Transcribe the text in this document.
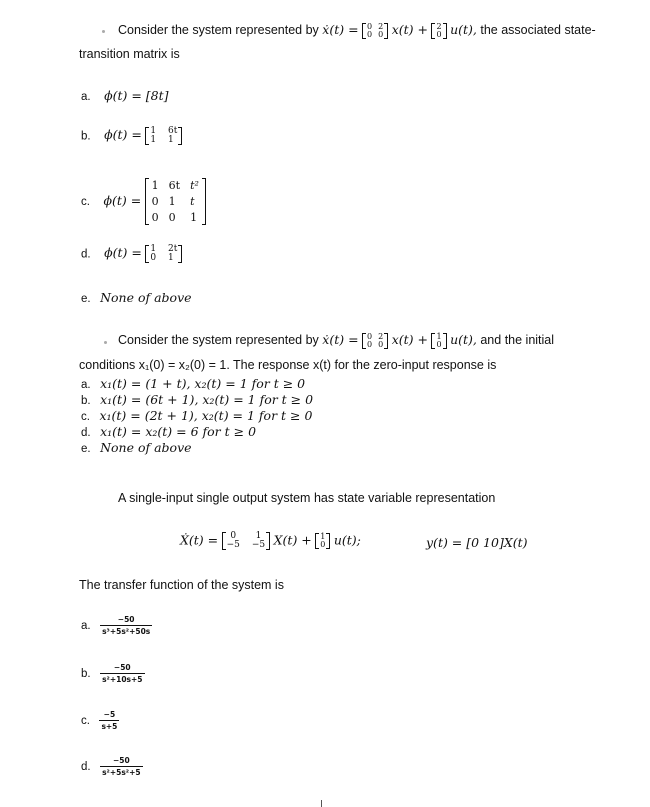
Consider the system represented by ẋ(t) = 0 2
0 0 x(t) + 2
0 u(t), the associated state-
transition matrix is
a. ϕ(t) = [8t]
b. ϕ(t) = 1 6t
1 1
c. ϕ(t) =
1 6t t²
0 1	t
0 0	1
d. ϕ(t) = 1 2t
0 1
e. None of above
Consider the system represented by ẋ(t) = 0 2
0 0 x(t) + 1
0 u(t), and the initial
conditions x₁(0) = x₂(0) = 1. The response x(t) for the zero-input response is
a. x₁(t) = (1 + t), x₂(t) = 1 for t ≥ 0
b. x₁(t) = (6t + 1), x₂(t) = 1 for t ≥ 0
c. x₁(t) = (2t + 1), x₂(t) = 1 for t ≥ 0
d. x₁(t) = x₂(t) = 6 for t ≥ 0
e. None of above
A single-input single output system has state variable representation
Ẋ(t) =	0	1
−5 −5 X(t) + 1
0 u(t);	y(t) = [0 10]X(t)
The transfer function of the system is
a. $\frac{-50}{\text{s³+5s²+50s}}$
b. $\frac{-50}{\text{s²+10s+5}}$
c. $\frac{-5}{s+5}$
d. $\frac{-50}{\text{s²+5s²+5}}$
